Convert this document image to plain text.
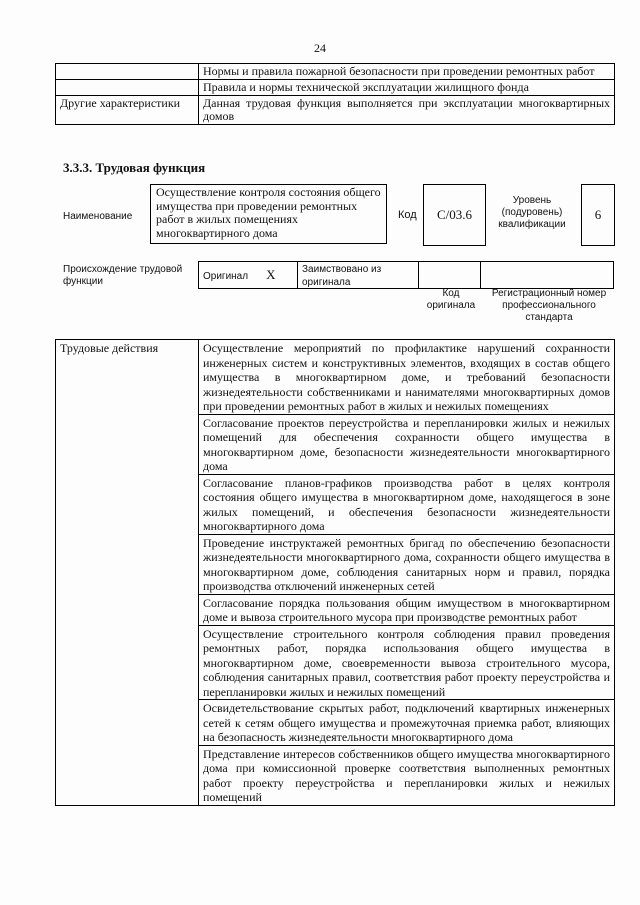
24
	Нормы и правила пожарной безопасности при проведении ремонтных работ
	Правила и нормы технической эксплуатации жилищного фонда
Другие характеристики	Данная трудовая функция выполняется при эксплуатации многоквартирных домов
3.3.3. Трудовая функция
Наименование
Осуществление контроля состояния общего имущества при проведении ремонтных работ в жилых помещениях многоквартирного дома
Код	C/03.6
Уровень (подуровень) квалификации
6
Происхождение трудовой функции	Оригинал X	Заимствовано из оригинала		
Код оригинала
Регистрационный номер профессионального стандарта
Трудовые действия	Осуществление мероприятий по профилактике нарушений сохранности инженерных систем и конструктивных элементов, входящих в состав общего имущества в многоквартирном доме, и требований безопасности жизнедеятельности собственниками и нанимателями многоквартирных домов при проведении ремонтных работ в жилых и нежилых помещениях
Согласование проектов переустройства и перепланировки жилых и нежилых помещений для обеспечения сохранности общего имущества в многоквартирном доме, безопасности жизнедеятельности многоквартирного дома
Согласование планов-графиков производства работ в целях контроля состояния общего имущества в многоквартирном доме, находящегося в зоне жилых помещений, и обеспечения безопасности жизнедеятельности многоквартирного дома
Проведение инструктажей ремонтных бригад по обеспечению безопасности жизнедеятельности многоквартирного дома, сохранности общего имущества в многоквартирном доме, соблюдения санитарных норм и правил, порядка производства отключений инженерных сетей
Согласование порядка пользования общим имуществом в многоквартирном доме и вывоза строительного мусора при производстве ремонтных работ
Осуществление строительного контроля соблюдения правил проведения ремонтных работ, порядка использования общего имущества в многоквартирном доме, своевременности вывоза строительного мусора, соблюдения санитарных правил, соответствия работ проекту переустройства и перепланировки жилых и нежилых помещений
Освидетельствование скрытых работ, подключений квартирных инженерных сетей к сетям общего имущества и промежуточная приемка работ, влияющих на безопасность жизнедеятельности многоквартирного дома
Представление интересов собственников общего имущества многоквартирного дома при комиссионной проверке соответствия выполненных ремонтных работ проекту переустройства и перепланировки жилых и нежилых помещений
